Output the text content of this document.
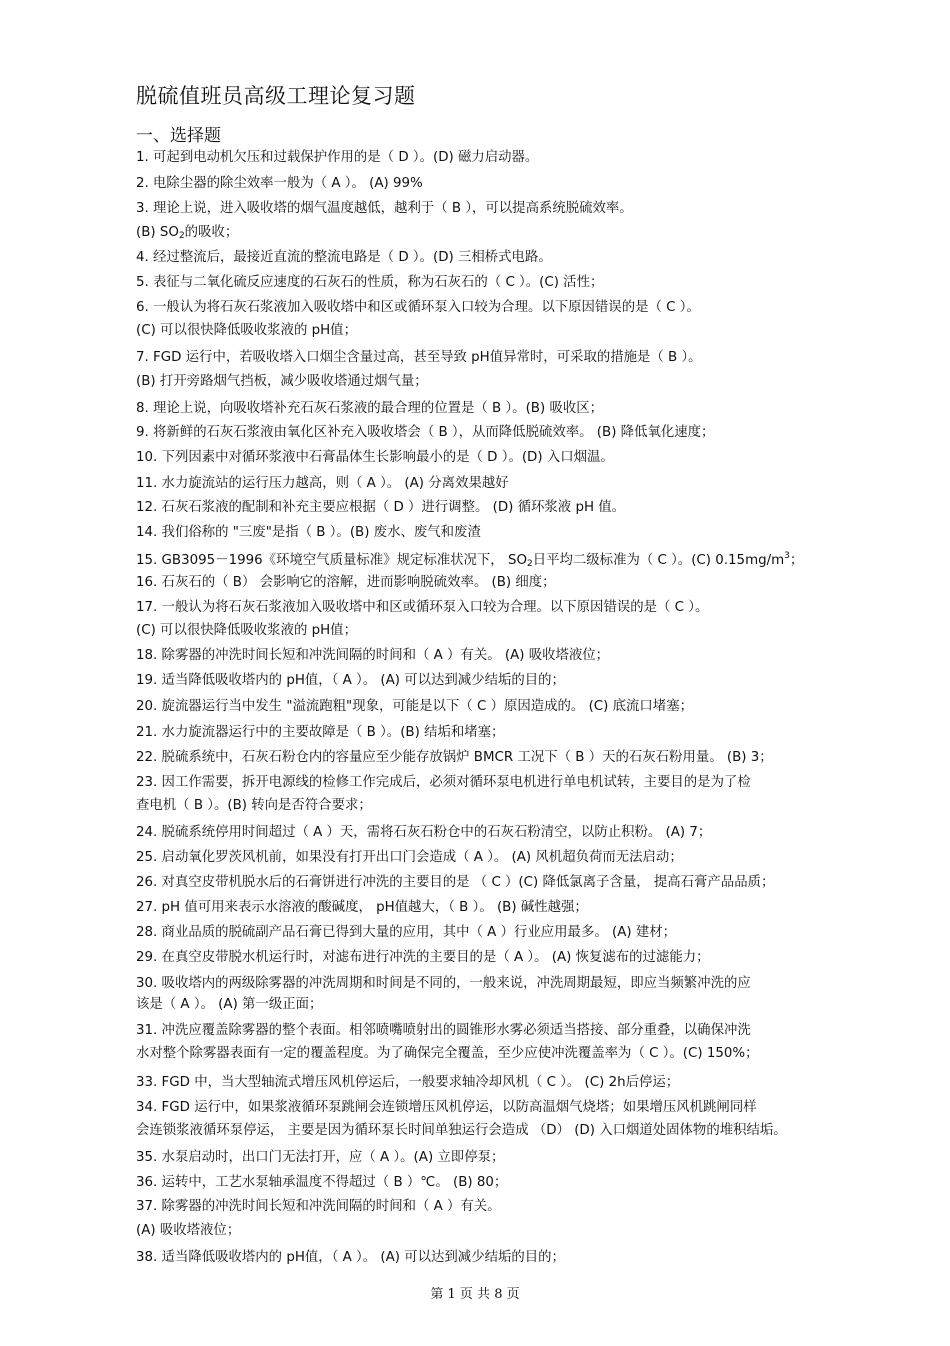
脱硫值班员高级工理论复习题
一、选择题
1. 可起到电动机欠压和过载保护作用的是（ D ）。(D) 磁力启动器。
2. 电除尘器的除尘效率一般为（ A ）。 (A) 99%
3. 理论上说，进入吸收塔的烟气温度越低，越利于（ B ），可以提高系统脱硫效率。
(B) $SO_2$的吸收；
4. 经过整流后，最接近直流的整流电路是（ D ）。(D) 三相桥式电路。
5. 表征与二氧化硫反应速度的石灰石的性质，称为石灰石的（ C ）。(C) 活性；
6. 一般认为将石灰石浆液加入吸收塔中和区或循环泵入口较为合理。以下原因错误的是（ C ）。
(C) 可以很快降低吸收浆液的 pH值；
7. FGD 运行中，若吸收塔入口烟尘含量过高，甚至导致 pH值异常时，可采取的措施是（ B ）。
(B) 打开旁路烟气挡板，减少吸收塔通过烟气量；
8. 理论上说，向吸收塔补充石灰石浆液的最合理的位置是（ B ）。(B) 吸收区；
9. 将新鲜的石灰石浆液由氧化区补充入吸收塔会（ B ），从而降低脱硫效率。 (B) 降低氧化速度；
10. 下列因素中对循环浆液中石膏晶体生长影响最小的是（ D ）。(D) 入口烟温。
11. 水力旋流站的运行压力越高，则（ A ）。 (A) 分离效果越好
12. 石灰石浆液的配制和补充主要应根据（ D ）进行调整。 (D) 循环浆液 pH 值。
14. 我们俗称的 "三废"是指（ B ）。(B) 废水、废气和废渣
15. GB3095－1996《环境空气质量标准》规定标准状况下， $SO_2$日平均二级标准为（ C ）。(C) $0.15mg/m^3$；
16. 石灰石的（ B） 会影响它的溶解，进而影响脱硫效率。 (B) 细度；
17. 一般认为将石灰石浆液加入吸收塔中和区或循环泵入口较为合理。以下原因错误的是（ C ）。
(C) 可以很快降低吸收浆液的 pH值；
18. 除雾器的冲洗时间长短和冲洗间隔的时间和（ A ）有关。 (A) 吸收塔液位；
19. 适当降低吸收塔内的 pH值，（ A ）。 (A) 可以达到减少结垢的目的；
20. 旋流器运行当中发生 "溢流跑粗"现象，可能是以下（ C ）原因造成的。 (C) 底流口堵塞；
21. 水力旋流器运行中的主要故障是（ B ）。(B) 结垢和堵塞；
22. 脱硫系统中，石灰石粉仓内的容量应至少能存放锅炉 BMCR 工况下（ B ）天的石灰石粉用量。 (B) 3；
23. 因工作需要，拆开电源线的检修工作完成后，必须对循环泵电机进行单电机试转，主要目的是为了检
查电机（ B ）。(B) 转向是否符合要求；
24. 脱硫系统停用时间超过（ A ）天，需将石灰石粉仓中的石灰石粉清空，以防止积粉。 (A) 7；
25. 启动氧化罗茨风机前，如果没有打开出口门会造成（ A ）。 (A) 风机超负荷而无法启动；
26. 对真空皮带机脱水后的石膏饼进行冲洗的主要目的是 （ C ）(C) 降低氯离子含量， 提高石膏产品品质；
27. pH 值可用来表示水溶液的酸碱度， pH值越大，（ B ）。 (B) 碱性越强；
28. 商业品质的脱硫副产品石膏已得到大量的应用，其中（ A ）行业应用最多。 (A) 建材；
29. 在真空皮带脱水机运行时，对滤布进行冲洗的主要目的是（ A ）。 (A) 恢复滤布的过滤能力；
30. 吸收塔内的两级除雾器的冲洗周期和时间是不同的，一般来说，冲洗周期最短，即应当频繁冲洗的应
该是（ A ）。 (A) 第一级正面；
31. 冲洗应覆盖除雾器的整个表面。相邻喷嘴喷射出的圆锥形水雾必须适当搭接、部分重叠，以确保冲洗
水对整个除雾器表面有一定的覆盖程度。为了确保完全覆盖，至少应使冲洗覆盖率为（ C ）。(C) 150%；
33. FGD 中，当大型轴流式增压风机停运后，一般要求轴冷却风机（ C ）。 (C) 2h后停运；
34. FGD 运行中，如果浆液循环泵跳闸会连锁增压风机停运，以防高温烟气烧塔；如果增压风机跳闸同样
会连锁浆液循环泵停运， 主要是因为循环泵长时间单独运行会造成 （D） (D) 入口烟道处固体物的堆积结垢。
35. 水泵启动时，出口门无法打开，应（ A ）。(A) 立即停泵；
36. 运转中，工艺水泵轴承温度不得超过（ B ）℃。 (B) 80；
37. 除雾器的冲洗时间长短和冲洗间隔的时间和（ A ）有关。
(A) 吸收塔液位；
38. 适当降低吸收塔内的 pH值，（ A ）。 (A) 可以达到减少结垢的目的；
第 1 页 共 8 页
